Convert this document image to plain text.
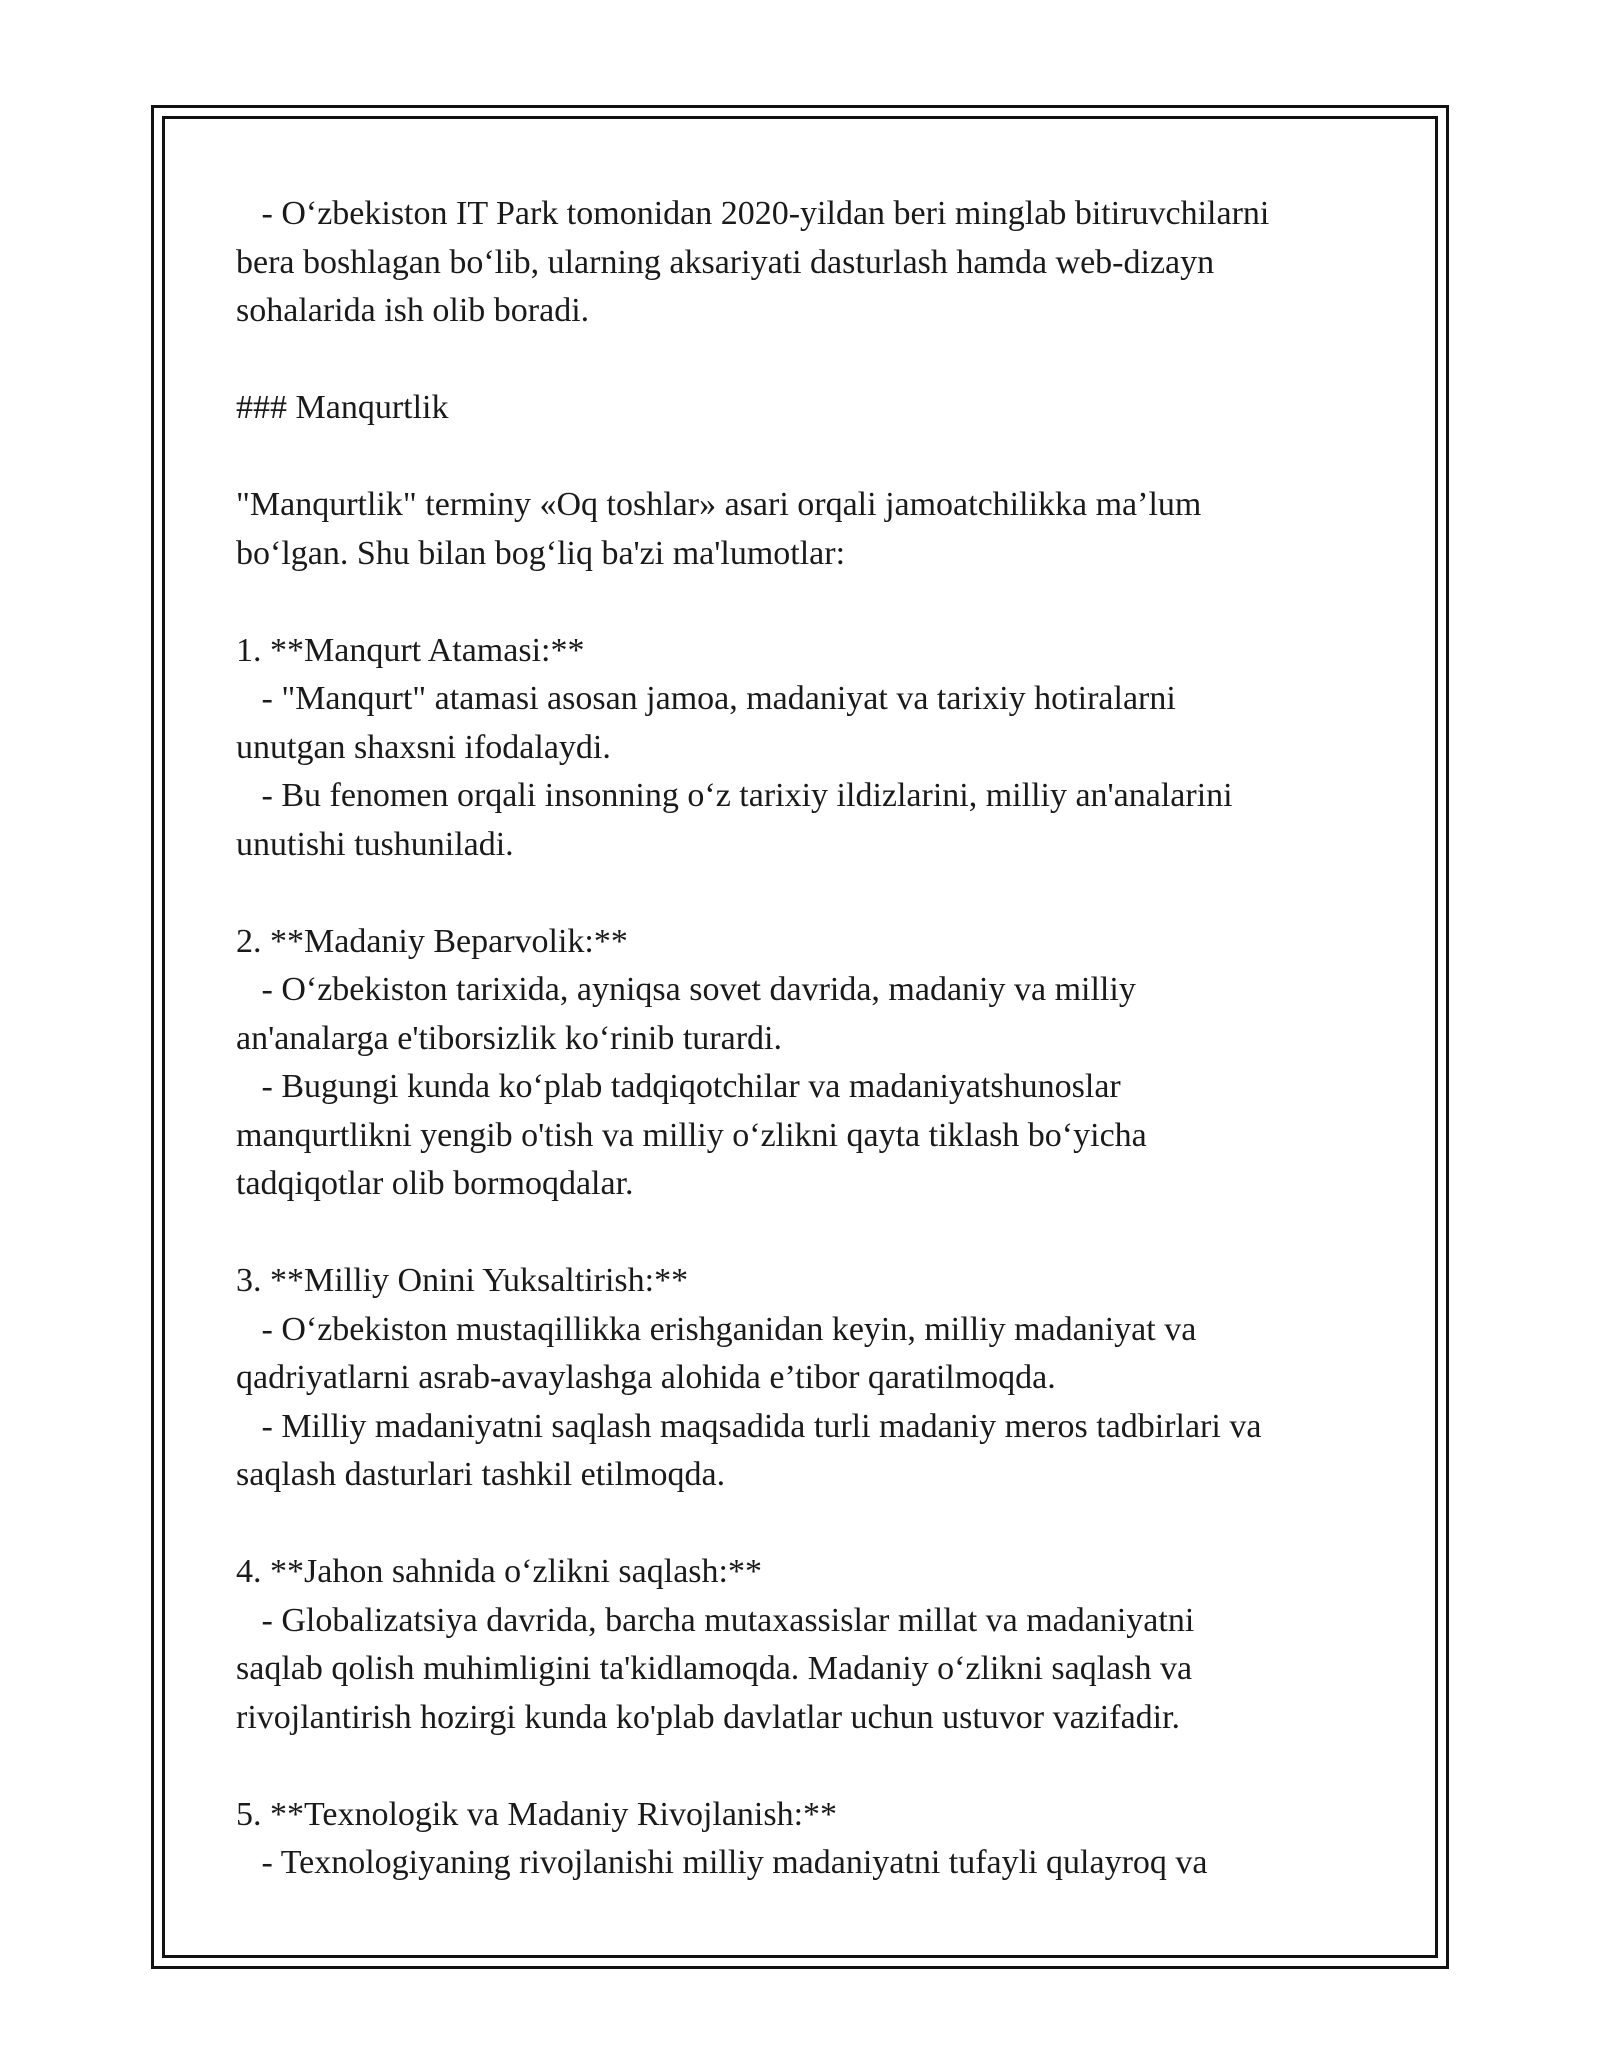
- O‘zbekiston IT Park tomonidan 2020-yildan beri minglab bitiruvchilarni
bera boshlagan bo‘lib, ularning aksariyati dasturlash hamda web-dizayn
sohalarida ish olib boradi.
### Manqurtlik
"Manqurtlik" terminy «Oq toshlar» asari orqali jamoatchilikka ma’lum
bo‘lgan. Shu bilan bog‘liq ba'zi ma'lumotlar:
1. **Manqurt Atamasi:**
- "Manqurt" atamasi asosan jamoa, madaniyat va tarixiy hotiralarni
unutgan shaxsni ifodalaydi.
- Bu fenomen orqali insonning o‘z tarixiy ildizlarini, milliy an'analarini
unutishi tushuniladi.
2. **Madaniy Beparvolik:**
- O‘zbekiston tarixida, ayniqsa sovet davrida, madaniy va milliy
an'analarga e'tiborsizlik ko‘rinib turardi.
- Bugungi kunda ko‘plab tadqiqotchilar va madaniyatshunoslar
manqurtlikni yengib o'tish va milliy o‘zlikni qayta tiklash bo‘yicha
tadqiqotlar olib bormoqdalar.
3. **Milliy Onini Yuksaltirish:**
- O‘zbekiston mustaqillikka erishganidan keyin, milliy madaniyat va
qadriyatlarni asrab-avaylashga alohida e’tibor qaratilmoqda.
- Milliy madaniyatni saqlash maqsadida turli madaniy meros tadbirlari va
saqlash dasturlari tashkil etilmoqda.
4. **Jahon sahnida o‘zlikni saqlash:**
- Globalizatsiya davrida, barcha mutaxassislar millat va madaniyatni
saqlab qolish muhimligini ta'kidlamoqda. Madaniy o‘zlikni saqlash va
rivojlantirish hozirgi kunda ko'plab davlatlar uchun ustuvor vazifadir.
5. **Texnologik va Madaniy Rivojlanish:**
- Texnologiyaning rivojlanishi milliy madaniyatni tufayli qulayroq va
